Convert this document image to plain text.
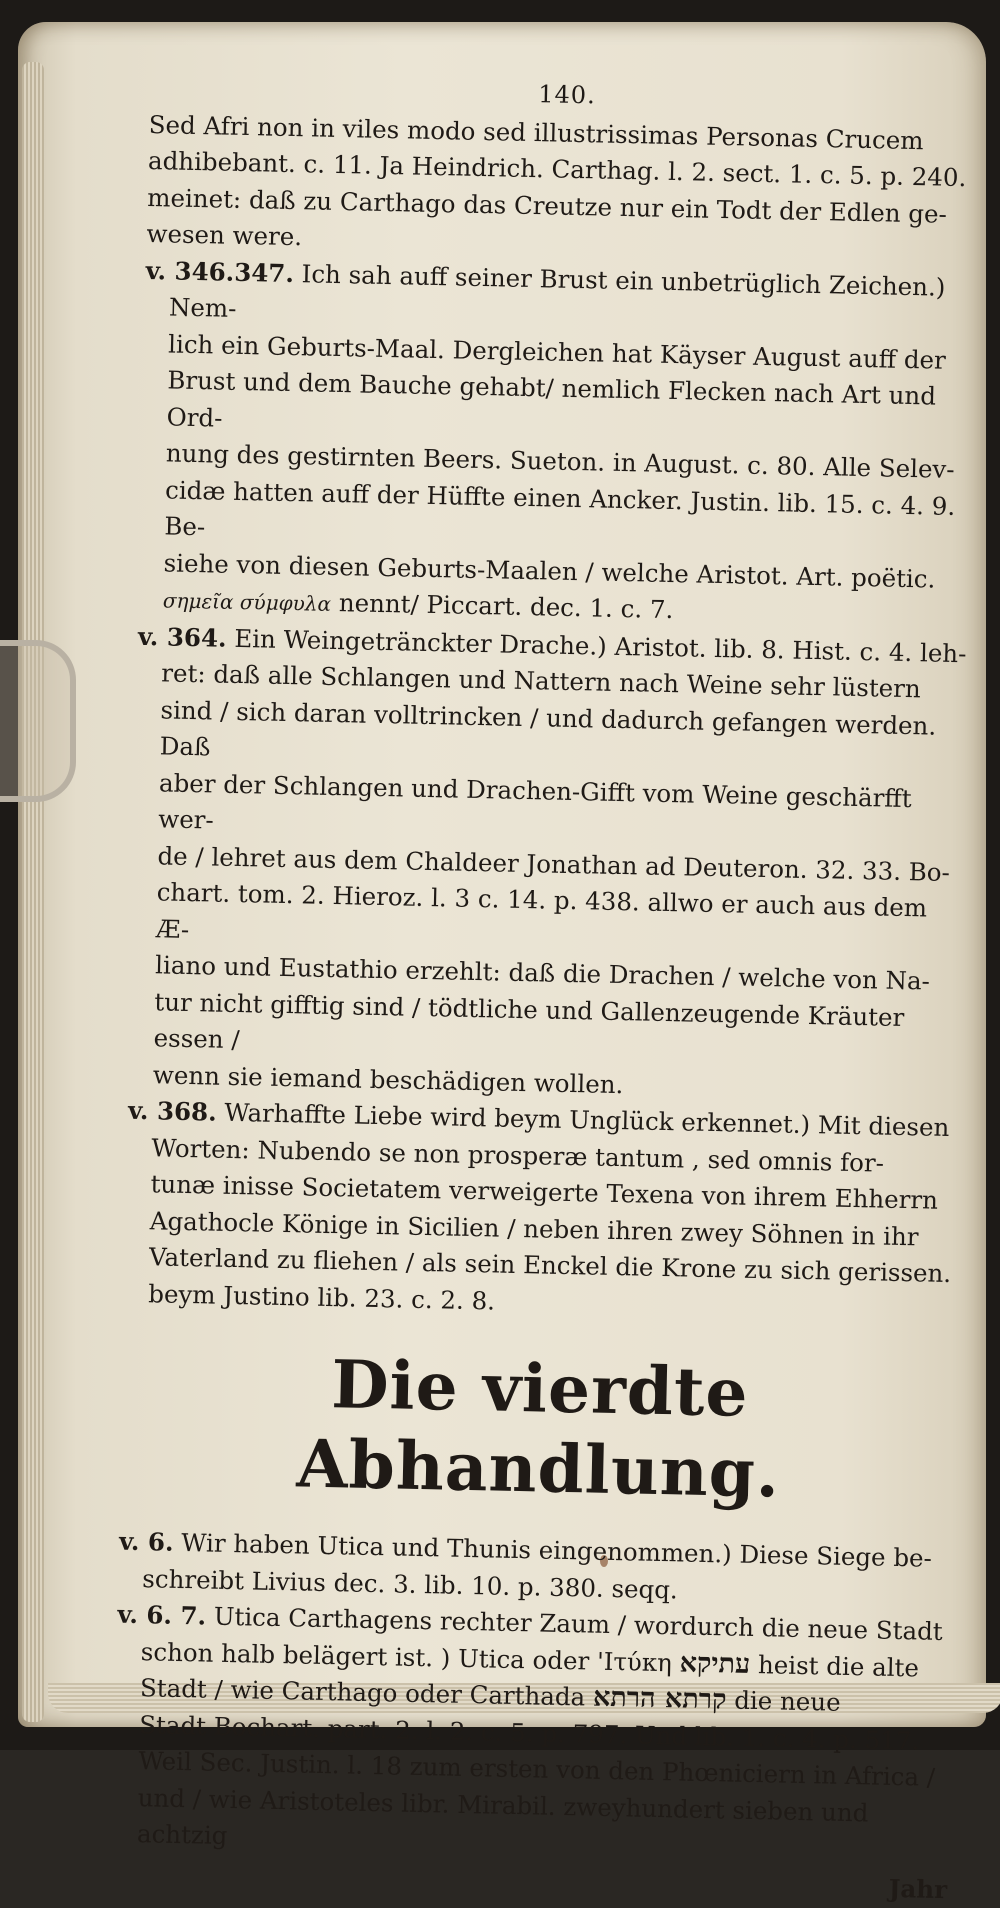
140.

Sed Afri non in viles modo sed illustrissimas Personas Crucem

adhibebant. c. 11. Ja Heindrich. Carthag. l. 2. sect. 1. c. 5. p. 240.

meinet: daß zu Carthago das Creutze nur ein Todt der Edlen ge-

wesen were.

v. 346.347. Ich sah auff seiner Brust ein unbetrüglich Zeichen.) Nem-

lich ein Geburts-Maal. Dergleichen hat Käyser August auff der

Brust und dem Bauche gehabt/ nemlich Flecken nach Art und Ord-

nung des gestirnten Beers. Sueton. in August. c. 80. Alle Selev-

cidæ hatten auff der Hüffte einen Ancker. Justin. lib. 15. c. 4. 9. Be-

siehe von diesen Geburts-Maalen / welche Aristot. Art. poëtic.

σημεῖα σύμφυλα nennt/ Piccart. dec. 1. c. 7.

v. 364. Ein Weingetränckter Drache.) Aristot. lib. 8. Hist. c. 4. leh-

ret: daß alle Schlangen und Nattern nach Weine sehr lüstern

sind / sich daran volltrincken / und dadurch gefangen werden. Daß

aber der Schlangen und Drachen-Gifft vom Weine geschärfft wer-

de / lehret aus dem Chaldeer Jonathan ad Deuteron. 32. 33. Bo-

chart. tom. 2. Hieroz. l. 3 c. 14. p. 438. allwo er auch aus dem Æ-

liano und Eustathio erzehlt: daß die Drachen / welche von Na-

tur nicht gifftig sind / tödtliche und Gallenzeugende Kräuter essen /

wenn sie iemand beschädigen wollen.

v. 368. Warhaffte Liebe wird beym Unglück erkennet.) Mit diesen

Worten: Nubendo se non prosperæ tantum , sed omnis for-

tunæ inisse Societatem verweigerte Texena von ihrem Ehherrn

Agathocle Könige in Sicilien / neben ihren zwey Söhnen in ihr

Vaterland zu fliehen / als sein Enckel die Krone zu sich gerissen.

beym Justino lib. 23. c. 2. 8.

Die vierdte Abhandlung.

v. 6. Wir haben Utica und Thunis eingenommen.) Diese Siege be-

schreibt Livius dec. 3. lib. 10. p. 380. seqq.

v. 6. 7. Utica Carthagens rechter Zaum / wordurch die neue Stadt

schon halb belägert ist. ) Utica oder 'Ιτύκη עתיקא heist die alte

Stadt / wie Carthago oder Carthada קרתא הרתא die neue

Stadt Bochart. part. 2. l. 2. c. 5. p. 797. Und lib. 1. c. 4. p. 517.

Weil Sec. Justin. l. 18 zum ersten von den Phœniciern in Africa /

und / wie Aristoteles libr. Mirabil. zweyhundert sieben und achtzig

Jahr
